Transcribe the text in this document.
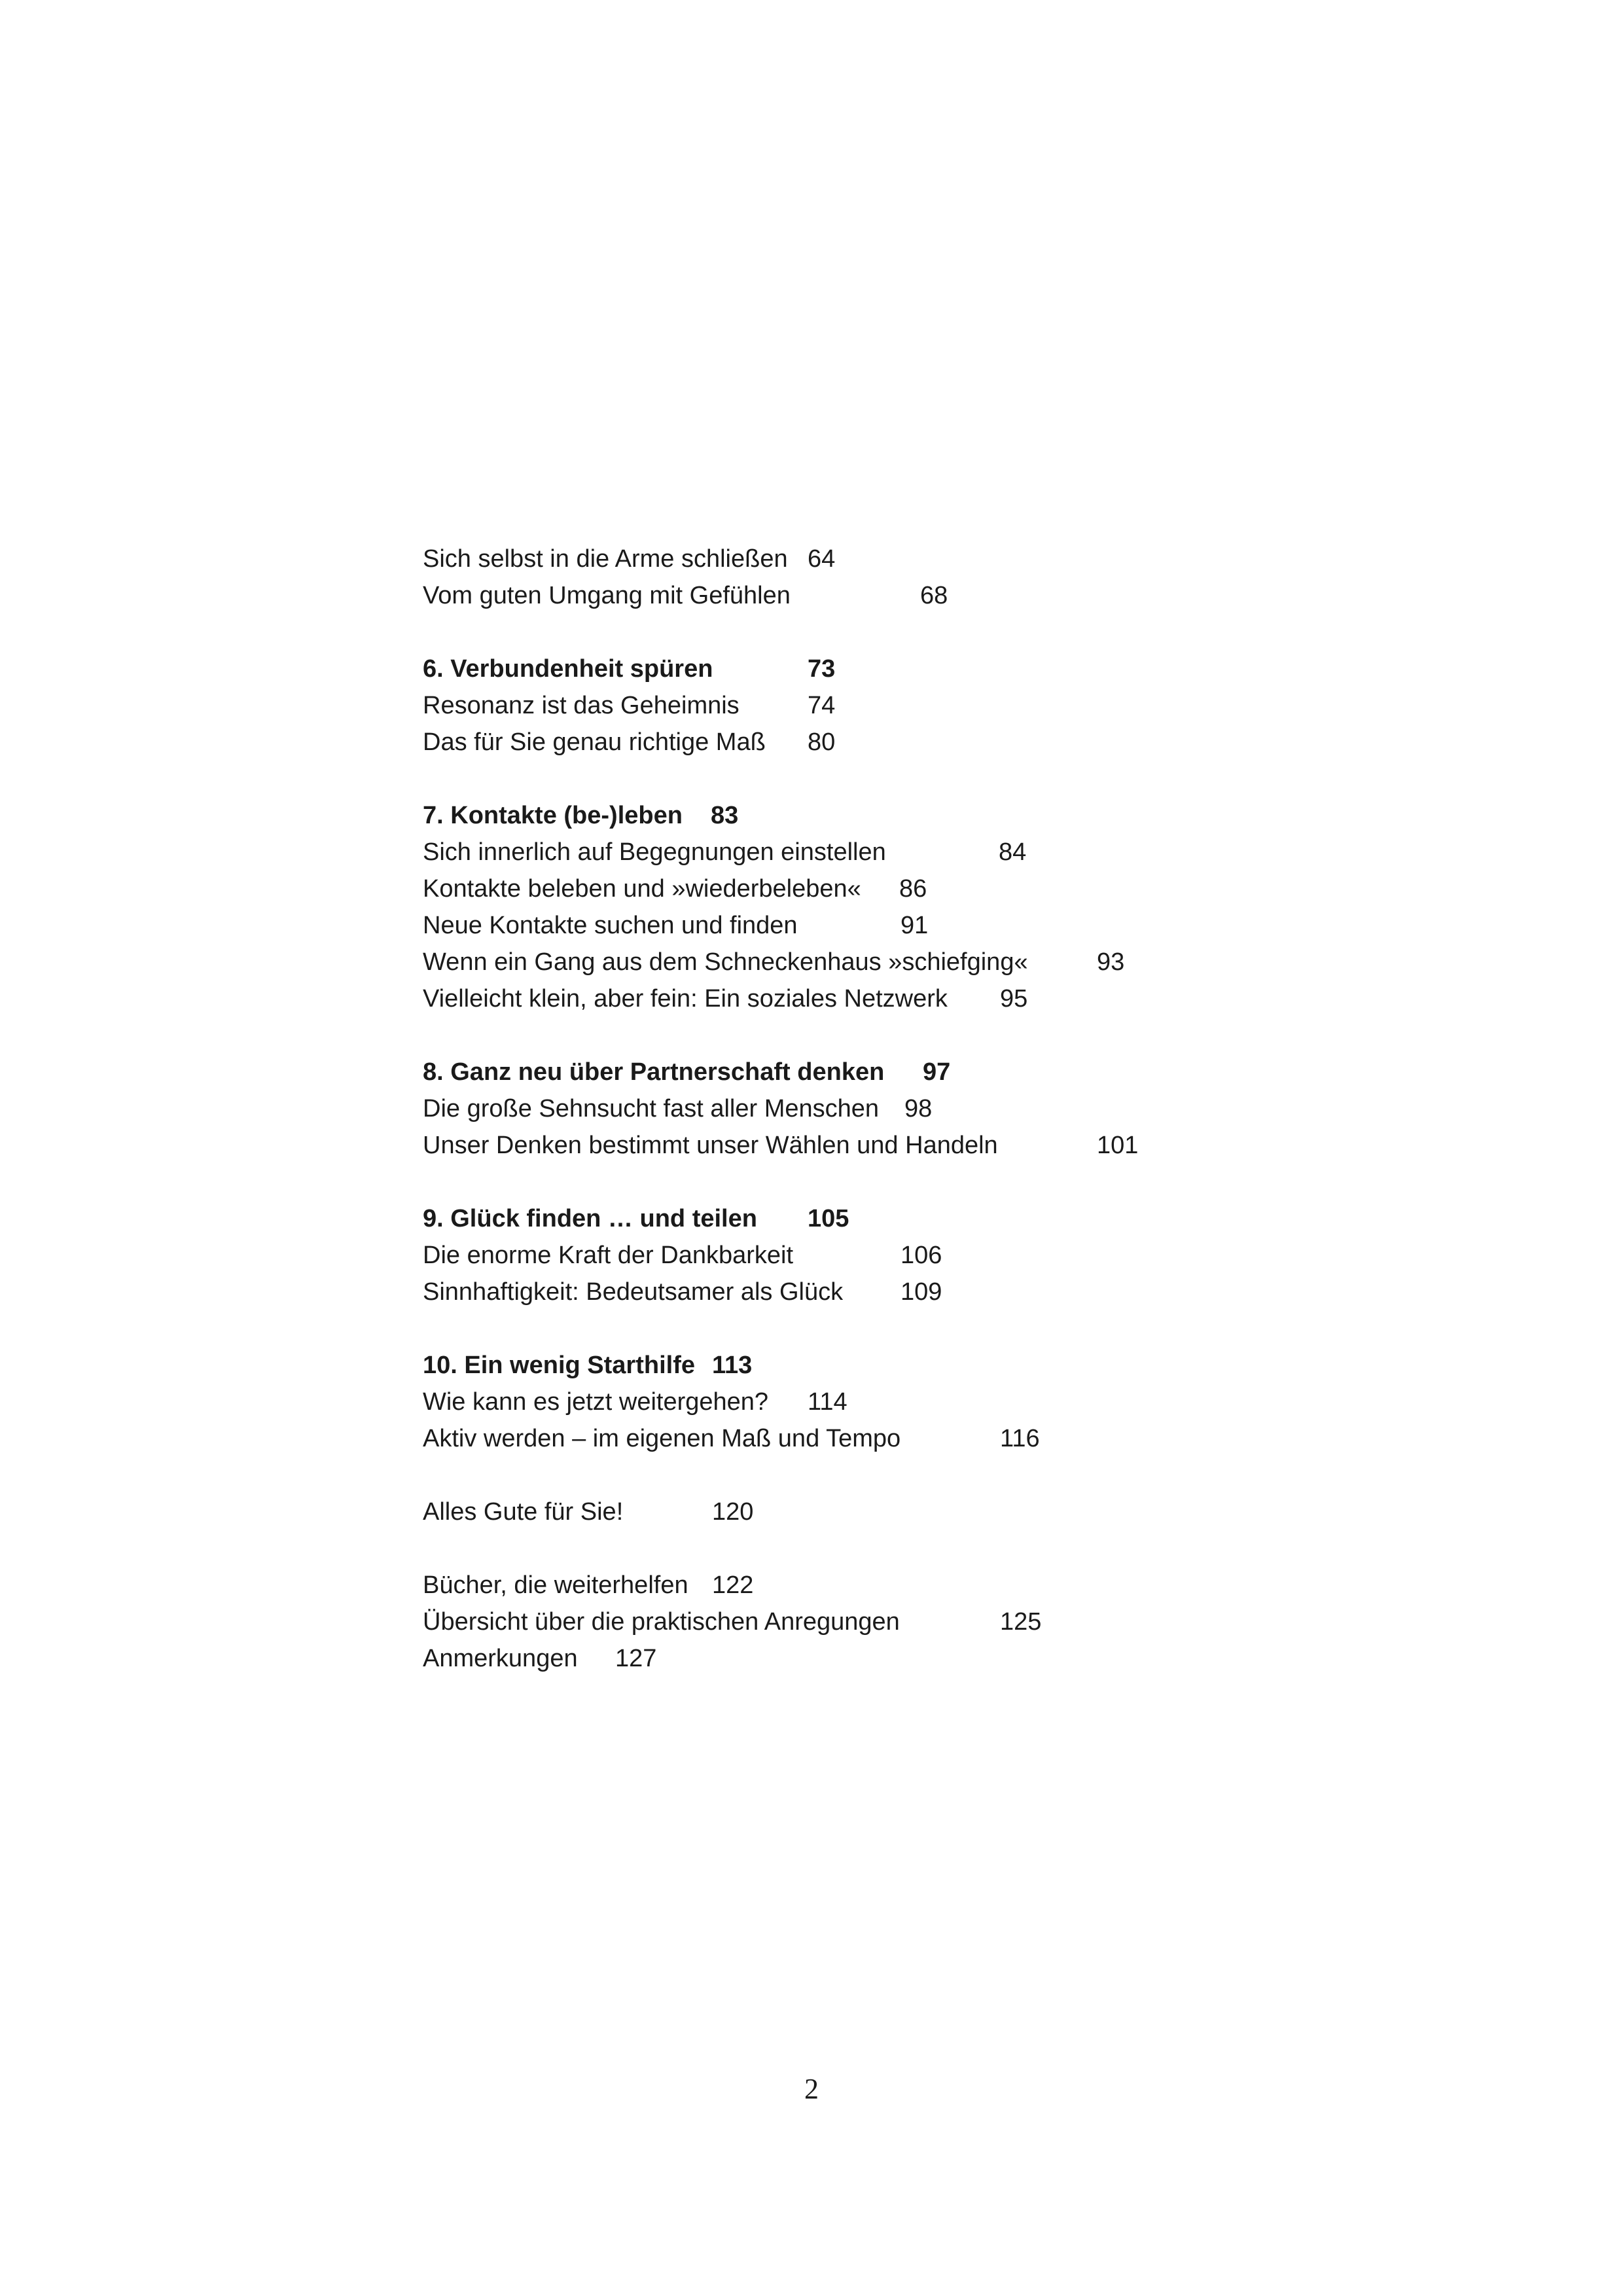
Sich selbst in die Arme schließen 64
Vom guten Umgang mit Gefühlen	68
6. Verbundenheit spüren	73
Resonanz ist das Geheimnis	74
Das für Sie genau richtige Maß 80
7. Kontakte (be-)leben 83
Sich innerlich auf Begegnungen einstellen	84
Kontakte beleben und »wiederbeleben« 86
Neue Kontakte suchen und finden	91
Wenn ein Gang aus dem Schneckenhaus »schiefging«	93
Vielleicht klein, aber fein: Ein soziales Netzwerk 95
8. Ganz neu über Partnerschaft denken 97
Die große Sehnsucht fast aller Menschen 98
Unser Denken bestimmt unser Wählen und Handeln	101
9. Glück finden … und teilen 105
Die enorme Kraft der Dankbarkeit	106
Sinnhaftigkeit: Bedeutsamer als Glück 109
10. Ein wenig Starthilfe 113
Wie kann es jetzt weitergehen? 114
Aktiv werden – im eigenen Maß und Tempo	116
Alles Gute für Sie!	120
Bücher, die weiterhelfen 122
Übersicht über die praktischen Anregungen	125
Anmerkungen 127
2
